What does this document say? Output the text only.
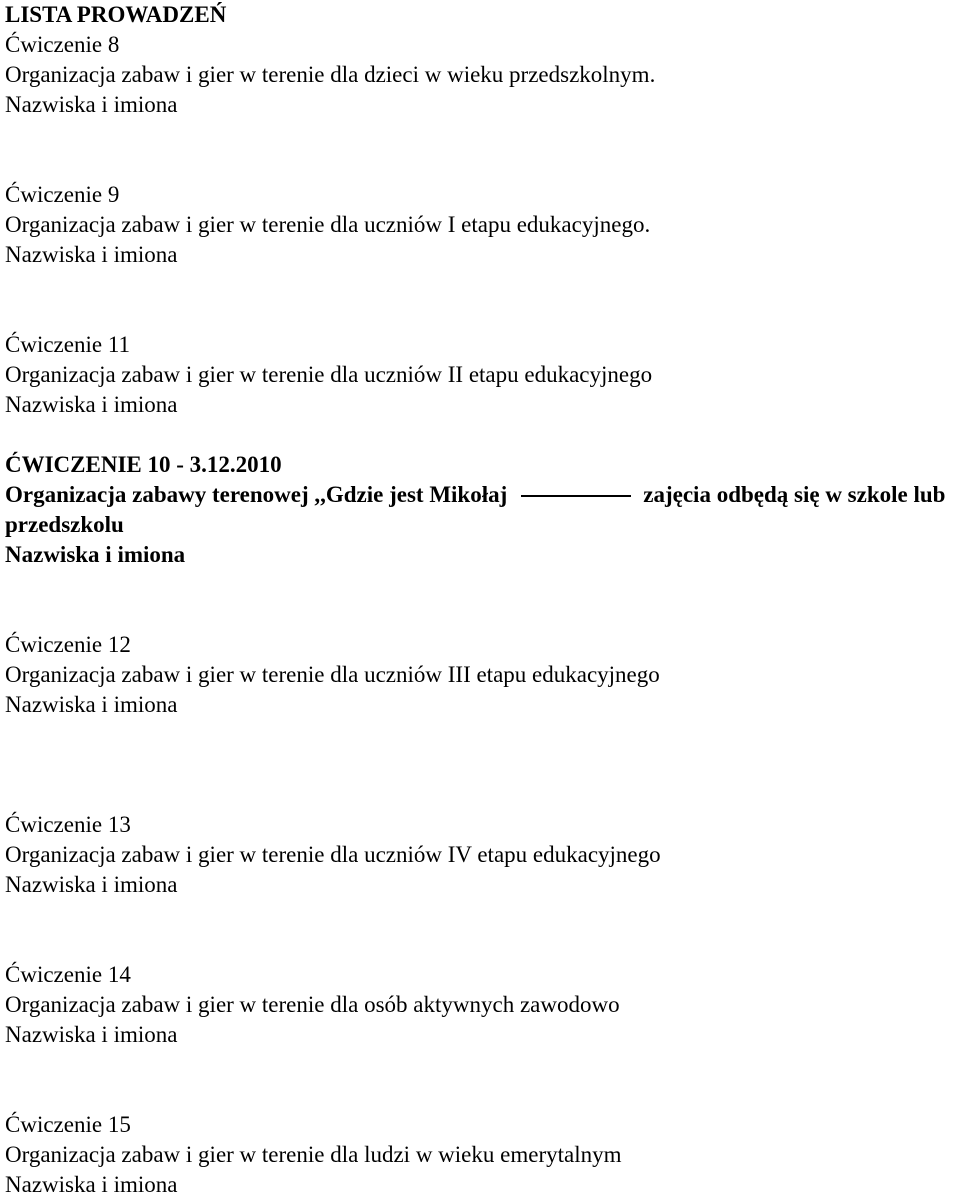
LISTA PROWADZEŃ
Ćwiczenie 8
Organizacja zabaw i gier w terenie dla dzieci w wieku przedszkolnym.
Nazwiska i imiona
Ćwiczenie 9
Organizacja zabaw i gier w terenie dla uczniów I etapu edukacyjnego.
Nazwiska i imiona
Ćwiczenie 11
Organizacja zabaw i gier w terenie dla uczniów II etapu edukacyjnego
Nazwiska i imiona
ĆWICZENIE 10 - 3.12.2010
Organizacja zabawy terenowej ,,Gdzie jest Mikołaj	zajęcia odbędą się w szkole lub
przedszkolu
Nazwiska i imiona
Ćwiczenie 12
Organizacja zabaw i gier w terenie dla uczniów III etapu edukacyjnego
Nazwiska i imiona
Ćwiczenie 13
Organizacja zabaw i gier w terenie dla uczniów IV etapu edukacyjnego
Nazwiska i imiona
Ćwiczenie 14
Organizacja zabaw i gier w terenie dla osób aktywnych zawodowo
Nazwiska i imiona
Ćwiczenie 15
Organizacja zabaw i gier w terenie dla ludzi w wieku emerytalnym
Nazwiska i imiona
